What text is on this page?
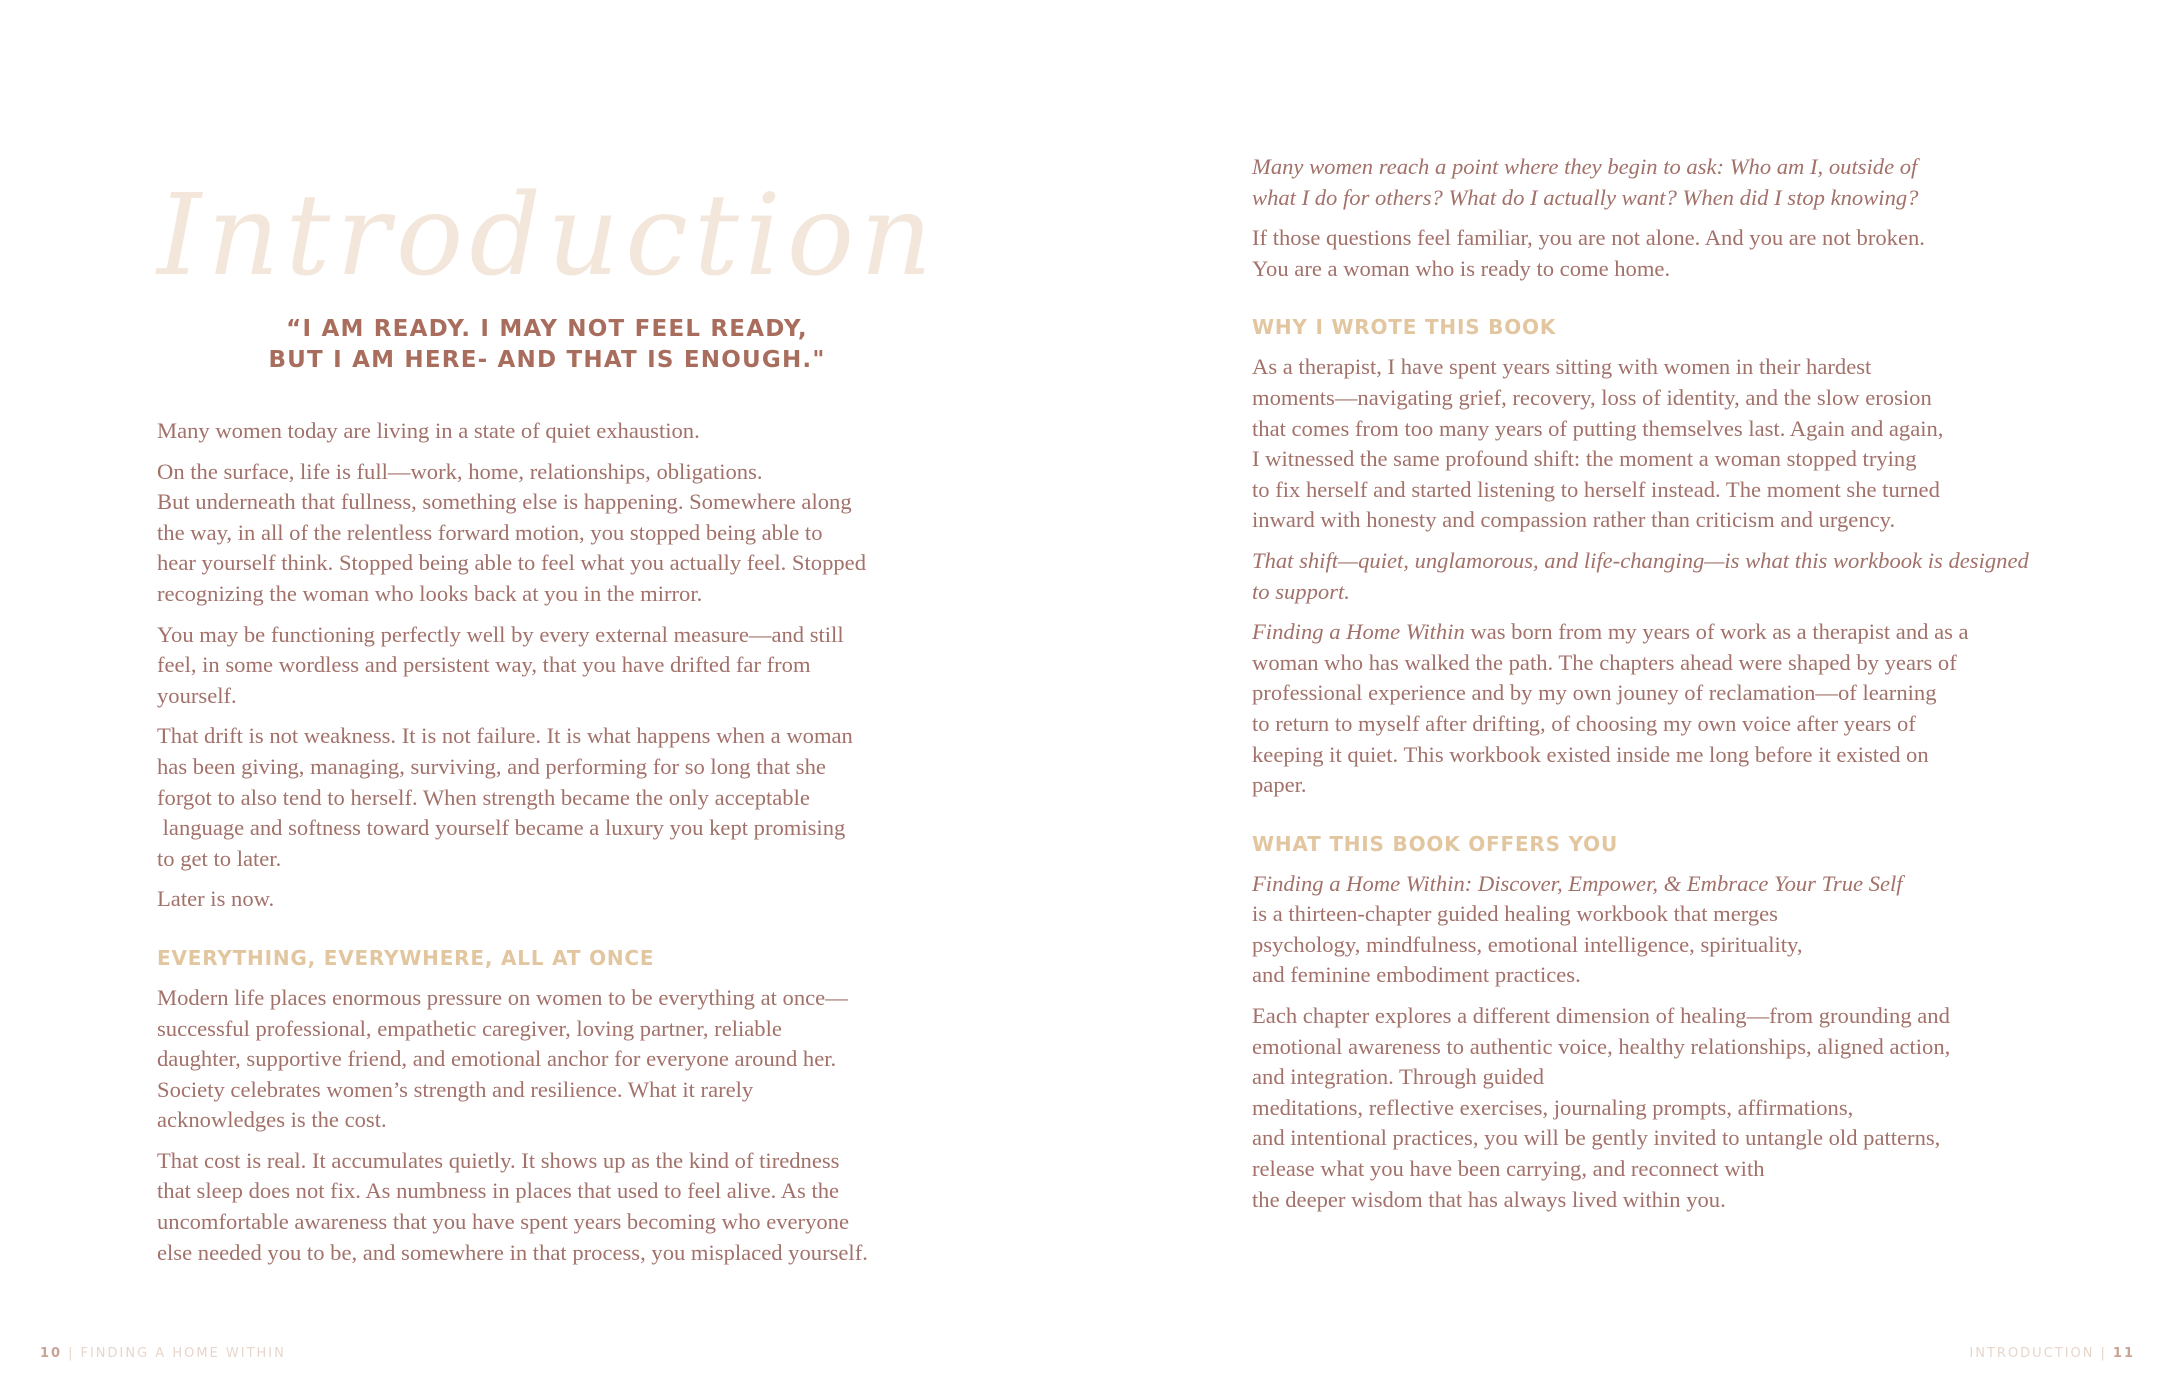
Introduction
“I AM READY. I MAY NOT FEEL READY,
BUT I AM HERE- AND THAT IS ENOUGH."

Many women today are living in a state of quiet exhaustion.

On the surface, life is full—work, home, relationships, obligations.
But underneath that fullness, something else is happening. Somewhere along
the way, in all of the relentless forward motion, you stopped being able to
hear yourself think. Stopped being able to feel what you actually feel. Stopped
recognizing the woman who looks back at you in the mirror.

You may be functioning perfectly well by every external measure—and still
feel, in some wordless and persistent way, that you have drifted far from
yourself.

That drift is not weakness. It is not failure. It is what happens when a woman
has been giving, managing, surviving, and performing for so long that she
forgot to also tend to herself. When strength became the only acceptable
language and softness toward yourself became a luxury you kept promising
to get to later.

Later is now.

EVERYTHING, EVERYWHERE, ALL AT ONCE

Modern life places enormous pressure on women to be everything at once—
successful professional, empathetic caregiver, loving partner, reliable
daughter, supportive friend, and emotional anchor for everyone around her.
Society celebrates women’s strength and resilience. What it rarely
acknowledges is the cost.

That cost is real. It accumulates quietly. It shows up as the kind of tiredness
that sleep does not fix. As numbness in places that used to feel alive. As the
uncomfortable awareness that you have spent years becoming who everyone
else needed you to be, and somewhere in that process, you misplaced yourself.

10 | FINDING A HOME WITHIN

Many women reach a point where they begin to ask: Who am I, outside of
what I do for others? What do I actually want? When did I stop knowing?

If those questions feel familiar, you are not alone. And you are not broken.
You are a woman who is ready to come home.

WHY I WROTE THIS BOOK

As a therapist, I have spent years sitting with women in their hardest
moments—navigating grief, recovery, loss of identity, and the slow erosion
that comes from too many years of putting themselves last. Again and again,
I witnessed the same profound shift: the moment a woman stopped trying
to fix herself and started listening to herself instead. The moment she turned
inward with honesty and compassion rather than criticism and urgency.

That shift—quiet, unglamorous, and life-changing—is what this workbook is designed
to support.

Finding a Home Within was born from my years of work as a therapist and as a
woman who has walked the path. The chapters ahead were shaped by years of
professional experience and by my own jouney of reclamation—of learning
to return to myself after drifting, of choosing my own voice after years of
keeping it quiet. This workbook existed inside me long before it existed on
paper.

WHAT THIS BOOK OFFERS YOU

Finding a Home Within: Discover, Empower, & Embrace Your True Self
is a thirteen-chapter guided healing workbook that merges
psychology, mindfulness, emotional intelligence, spirituality,
and feminine embodiment practices.

Each chapter explores a different dimension of healing—from grounding and
emotional awareness to authentic voice, healthy relationships, aligned action,
and integration. Through guided
meditations, reflective exercises, journaling prompts, affirmations,
and intentional practices, you will be gently invited to untangle old patterns,
release what you have been carrying, and reconnect with
the deeper wisdom that has always lived within you.

INTRODUCTION | 11
